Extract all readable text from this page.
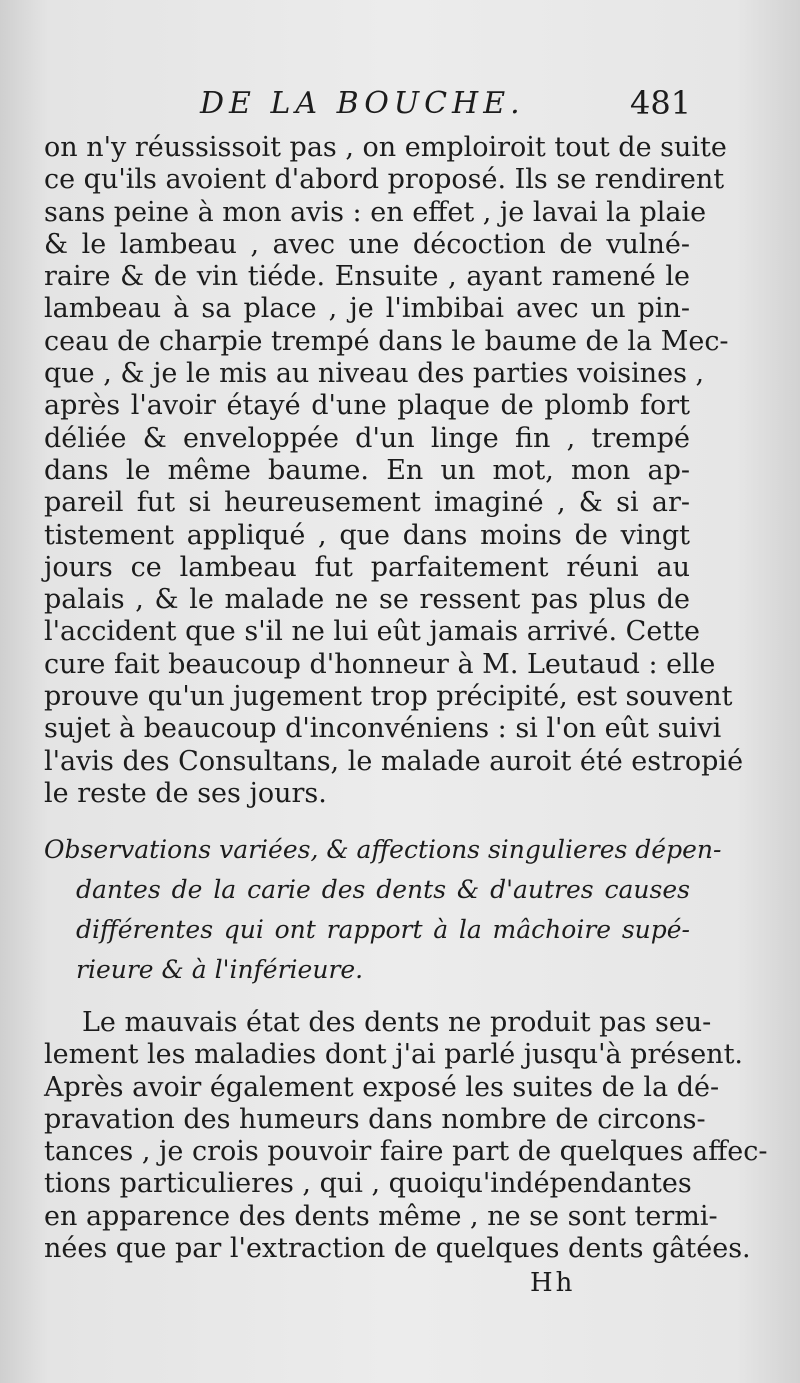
DE LA BOUCHE.	481
on n'y réussissoit pas , on emploiroit tout de suite
ce qu'ils avoient d'abord proposé. Ils se rendirent
sans peine à mon avis : en effet , je lavai la plaie
& le lambeau , avec une décoction de vulné-
raire & de vin tiéde. Ensuite , ayant ramené le
lambeau à sa place , je l'imbibai avec un pin-
ceau de charpie trempé dans le baume de la Mec-
que , & je le mis au niveau des parties voisines ,
après l'avoir étayé d'une plaque de plomb fort
déliée & enveloppée d'un linge fin , trempé
dans le même baume. En un mot, mon ap-
pareil fut si heureusement imaginé , & si ar-
tistement appliqué , que dans moins de vingt
jours ce lambeau fut parfaitement réuni au
palais , & le malade ne se ressent pas plus de
l'accident que s'il ne lui eût jamais arrivé. Cette
cure fait beaucoup d'honneur à M. Leutaud : elle
prouve qu'un jugement trop précipité, est souvent
sujet à beaucoup d'inconvéniens : si l'on eût suivi
l'avis des Consultans, le malade auroit été estropié
le reste de ses jours.
Observations variées, & affections singulieres dépen-
dantes de la carie des dents & d'autres causes
différentes qui ont rapport à la mâchoire supé-
rieure & à l'inférieure.
Le mauvais état des dents ne produit pas seu-
lement les maladies dont j'ai parlé jusqu'à présent.
Après avoir également exposé les suites de la dé-
pravation des humeurs dans nombre de circons-
tances , je crois pouvoir faire part de quelques affec-
tions particulieres , qui , quoiqu'indépendantes
en apparence des dents même , ne se sont termi-
nées que par l'extraction de quelques dents gâtées.
Hh
